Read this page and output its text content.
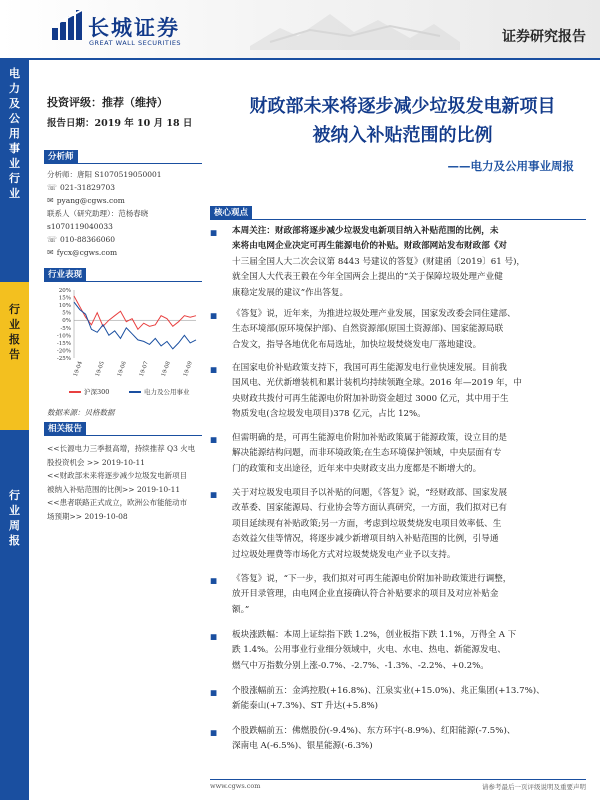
长城证券
GREAT WALL SECURITIES	证券研究报告
电
力
及
公
用
事
业
行
业
行
业
报
告
行
业
周
报
投资评级：推荐（维持）
报告日期：2019 年 10 月 18 日
分析师
分析师：唐阳 S1070519050001
☏ 021-31829703
✉ pyang@cgws.com
联系人（研究助理）：范杨春晓
s1070119040033
☏ 010-88366060
✉ fycx@cgws.com
行业表现
20%
15%
10%
5%
0%
-5%
-10%
-15%
-20%
-25%
19-04 19-05 19-06 19-07 19-08 19-09
沪深300	电力及公用事业
数据来源：贝格数据
相关报告
<<长源电力三季报高增，持续推荐 Q3 火电
股投资机会 >> 2019-10-11
<<财政部未来将逐步减少垃圾发电新项目
被纳入补贴范围的比例>> 2019-10-11
<<患者联路正式成立，欧洲公布能能动市
场预期>> 2019-10-08
财政部未来将逐步减少垃圾发电新项目
被纳入补贴范围的比例
——电力及公用事业周报
核心观点
■ 本周关注：财政部将逐步减少垃圾发电新项目纳入补贴范围的比例，未
来将由电网企业决定可再生能源电价的补贴。财政部网站发布财政部《对
十三届全国人大二次会议第 8443 号建议的答复》(财建函〔2019〕61 号)，
就全国人大代表王毅在今年全国两会上提出的“关于保障垃圾处理产业健
康稳定发展的建议”作出答复。
■ 《答复》说，近年来，为推进垃圾处理产业发展，国家发改委会同住建部、
生态环境部(原环境保护部)、自然资源部(原国土资源部)、国家能源局联
合发文，指导各地优化布局选址，加快垃圾焚烧发电厂落地建设。
■ 在国家电价补贴政策支持下，我国可再生能源发电行业快速发展。目前我
国风电、光伏新增装机和累计装机均持续领跑全球。2016 年—2019 年，中
央财政共拨付可再生能源电价附加补助资金超过 3000 亿元，其中用于生
物质发电(含垃圾发电项目)378 亿元，占比 12%。
■ 但需明确的是，可再生能源电价附加补贴政策属于能源政策，设立目的是
解决能源结构问题，而非环境政策;在生态环境保护领域，中央层面有专
门的政策和支出途径，近年来中央财政支出力度都是不断增大的。
■ 关于对垃圾发电项目予以补贴的问题，《答复》说，“经财政部、国家发展
改革委、国家能源局、行业协会等方面认真研究，一方面，我们拟对已有
项目延续现有补贴政策;另一方面，考虑到垃圾焚烧发电项目效率低、生
态效益欠佳等情况，将逐步减少新增项目纳入补贴范围的比例，引导通
过垃圾处理费等市场化方式对垃圾焚烧发电产业予以支持。
■ 《答复》说，“下一步，我们拟对可再生能源电价附加补助政策进行调整，
放开目录管理，由电网企业直接确认符合补贴要求的项目及对应补贴金
额。”
■ 板块涨跌幅：本周上证综指下跌 1.2%，创业板指下跌 1.1%，万得全 A 下
跌 1.4%。公用事业行业细分领域中，火电、水电、热电、新能源发电、
燃气中万指数分别上涨-0.7%、-2.7%、-1.3%、-2.2%、+0.2%。
■ 个股涨幅前五：金鸿控股(+16.8%)、江泉实业(+15.0%)、兆正集团(+13.7%)、
新能泰山(+7.3%)、ST 升达(+5.8%)
■ 个股跌幅前五：佛燃股份(-9.4%)、东方环宇(-8.9%)、红阳能源(-7.5%)、
深南电 A(-6.5%)、银星能源(-6.3%)
www.cgws.com	请参考最后一页评级说明及重要声明
